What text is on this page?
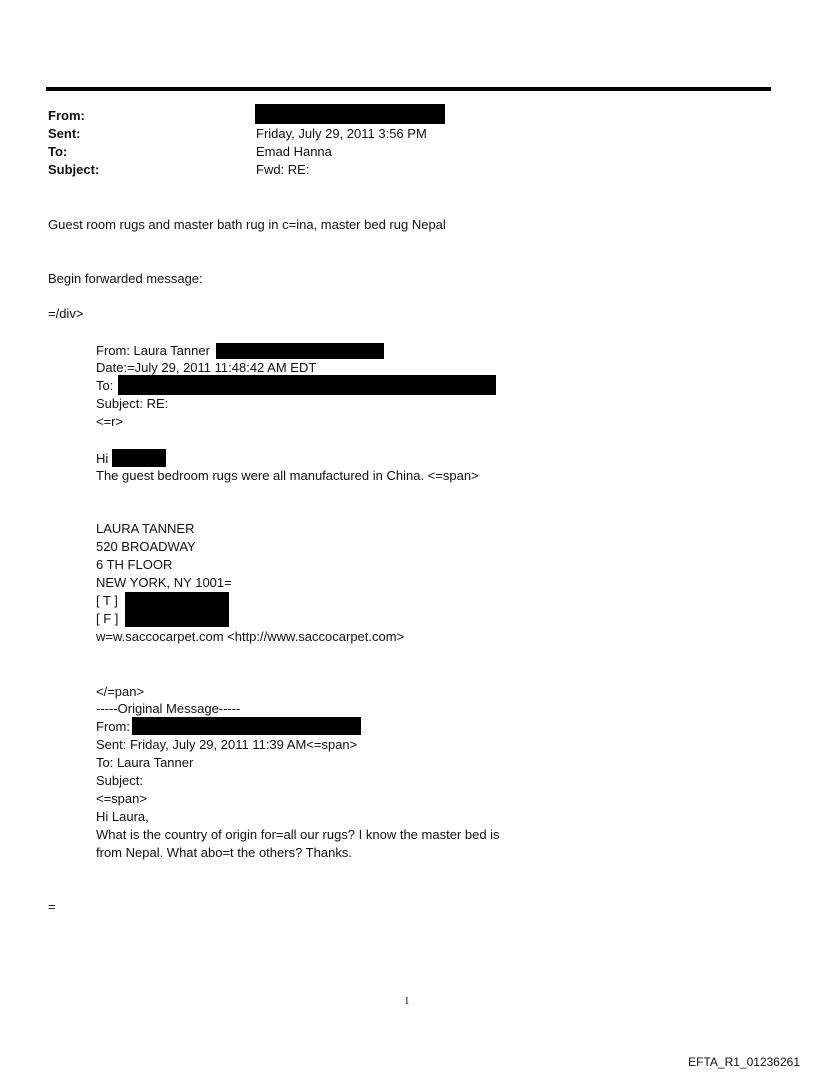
From:
Sent:	Friday, July 29, 2011 3:56 PM
To:	Emad Hanna
Subject:	Fwd: RE:
Guest room rugs and master bath rug in c=ina, master bed rug Nepal
Begin forwarded message:
=/div>
From: Laura Tanner
Date:=July 29, 2011 11:48:42 AM EDT
To:
Subject: RE:
<=r>
Hi
The guest bedroom rugs were all manufactured in China. <=span>
LAURA TANNER
520 BROADWAY
6 TH FLOOR
NEW YORK, NY 1001=
[ T ]
[ F ]
w=w.saccocarpet.com <http://www.saccocarpet.com>
</=pan>
-----Original Message-----
From:
Sent: Friday, July 29, 2011 11:39 AM<=span>
To: Laura Tanner
Subject:
<=span>
Hi Laura,
What is the country of origin for=all our rugs? I know the master bed is
from Nepal. What abo=t the others? Thanks.
=
1
EFTA_R1_01236261
